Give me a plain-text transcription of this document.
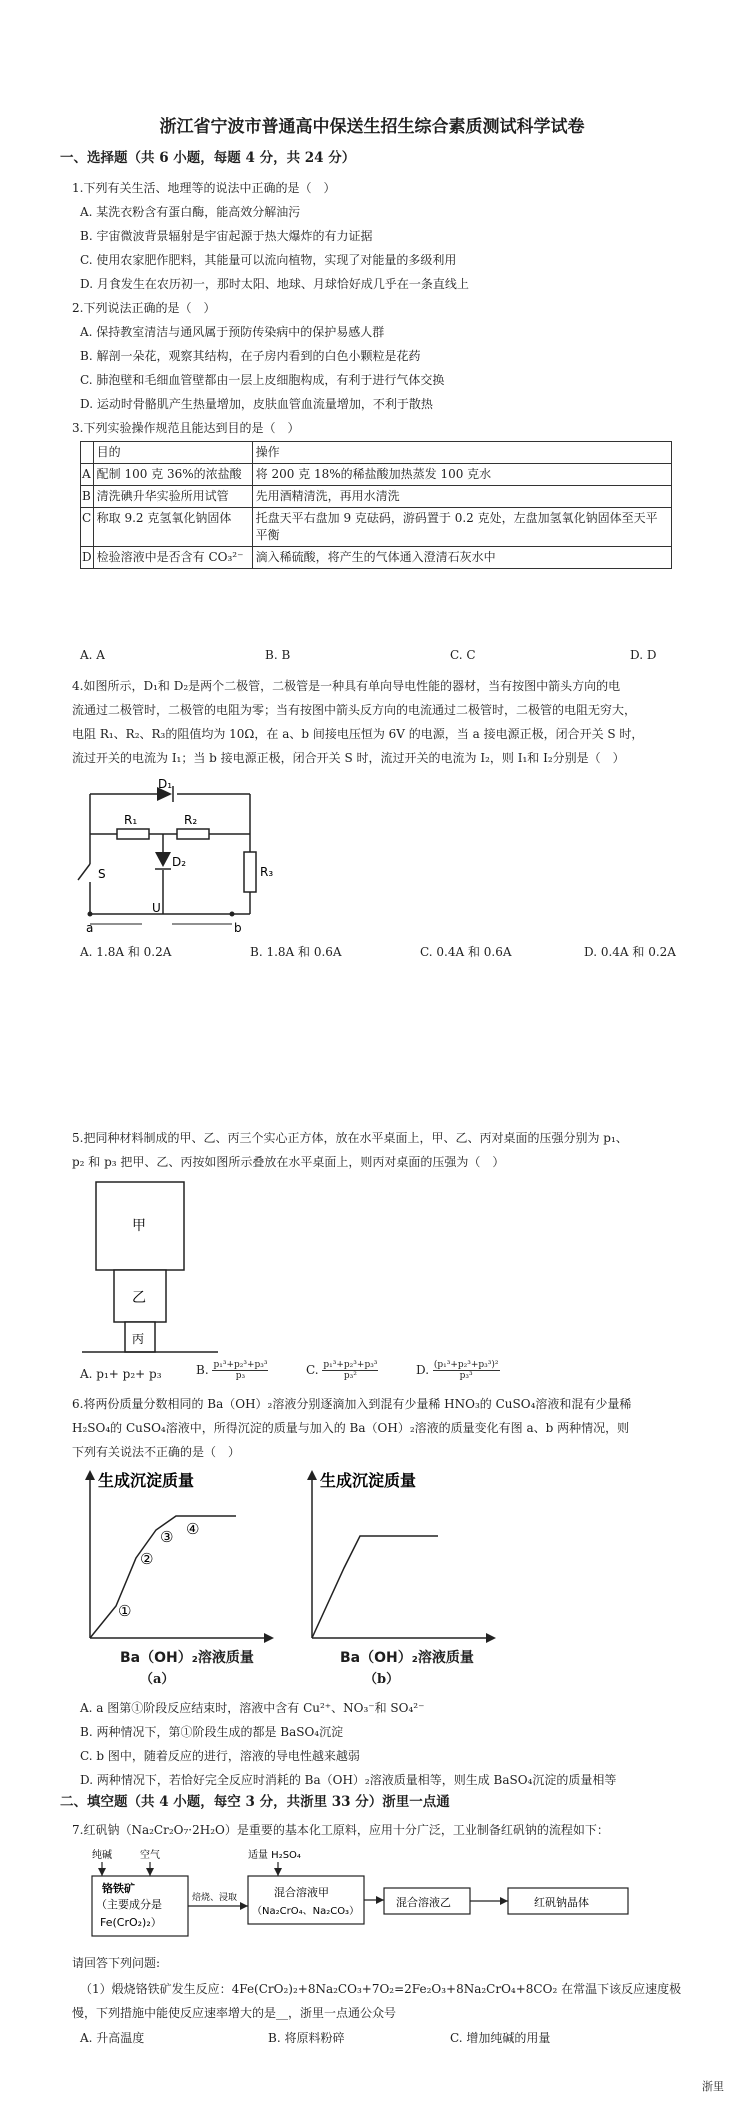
浙江省宁波市普通高中保送生招生综合素质测试科学试卷
一、选择题（共 6 小题，每题 4 分，共 24 分）
1.下列有关生活、地理等的说法中正确的是（　）
A. 某洗衣粉含有蛋白酶，能高效分解油污
B. 宇宙微波背景辐射是宇宙起源于热大爆炸的有力证据
C. 使用农家肥作肥料，其能量可以流向植物，实现了对能量的多级利用
D. 月食发生在农历初一，那时太阳、地球、月球恰好成几乎在一条直线上
2.下列说法正确的是（　）
A. 保持教室清洁与通风属于预防传染病中的保护易感人群
B. 解剖一朵花，观察其结构，在子房内看到的白色小颗粒是花药
C. 肺泡壁和毛细血管壁都由一层上皮细胞构成，有利于进行气体交换
D. 运动时骨骼肌产生热量增加，皮肤血管血流量增加，不利于散热
3.下列实验操作规范且能达到目的是（　）
	目的	操作
A	配制 100 克 36%的浓盐酸	将 200 克 18%的稀盐酸加热蒸发 100 克水
B	清洗碘升华实验所用试管	先用酒精清洗，再用水清洗
C	称取 9.2 克氢氧化钠固体	托盘天平右盘加 9 克砝码，游码置于 0.2 克处，左盘加氢氧化钠固体至天平平衡
D	检验溶液中是否含有 CO₃²⁻	滴入稀硫酸，将产生的气体通入澄清石灰水中
A. A	B. B	C. C	D. D
4.如图所示，D₁和 D₂是两个二极管，二极管是一种具有单向导电性能的器材，当有按图中箭头方向的电
流通过二极管时，二极管的电阻为零；当有按图中箭头反方向的电流通过二极管时，二极管的电阻无穷大，
电阻 R₁、R₂、R₃的阻值均为 10Ω，在 a、b 间接电压恒为 6V 的电源，当 a 接电源正极，闭合开关 S 时，
流过开关的电流为 I₁；当 b 接电源正极，闭合开关 S 时，流过开关的电流为 I₂，则 I₁和 I₂分别是（　）
D₁
R₁	R₂
D₂
R₃
S
U
a	b
A. 1.8A 和 0.2A	B. 1.8A 和 0.6A	C. 0.4A 和 0.6A	D. 0.4A 和 0.2A
5.把同种材料制成的甲、乙、丙三个实心正方体，放在水平桌面上，甲、乙、丙对桌面的压强分别为 p₁、
p₂ 和 p₃ 把甲、乙、丙按如图所示叠放在水平桌面上，则丙对桌面的压强为（　）
甲
乙
丙
A. p₁+ p₂+ p₃	B. $\frac{\text{p₁³+p₂³+p₃³}}{\text{p₃}}$	C. $\frac{\text{p₁³+p₂³+p₃³}}{\text{p₃²}}$	D. $\frac{\text{(p₁³+p₂³+p₃³)²}}{\text{p₃³}}$
6.将两份质量分数相同的 Ba（OH）₂溶液分别逐滴加入到混有少量稀 HNO₃的 CuSO₄溶液和混有少量稀
H₂SO₄的 CuSO₄溶液中，所得沉淀的质量与加入的 Ba（OH）₂溶液的质量变化有图 a、b 两种情况，则
下列有关说法不正确的是（　）
生成沉淀质量
①
②
③ ④
Ba（OH）₂溶液质量
（a）
生成沉淀质量
Ba（OH）₂溶液质量
（b）
A. a 图第①阶段反应结束时，溶液中含有 Cu²⁺、NO₃⁻和 SO₄²⁻
B. 两种情况下，第①阶段生成的都是 BaSO₄沉淀
C. b 图中，随着反应的进行，溶液的导电性越来越弱
D. 两种情况下，若恰好完全反应时消耗的 Ba（OH）₂溶液质量相等，则生成 BaSO₄沉淀的质量相等
二、填空题（共 4 小题，每空 3 分，共浙里 33 分）浙里一点通
7.红矾钠（Na₂Cr₂O₇·2H₂O）是重要的基本化工原料，应用十分广泛，工业制备红矾钠的流程如下：
纯碱	空气	适量 H₂SO₄
铬铁矿
（主要成分是
Fe(CrO₂)₂）
焙烧、浸取	混合溶液甲
（Na₂CrO₄、Na₂CO₃）
混合溶液乙	红矾钠晶体
请回答下列问题:
（1）煅烧铬铁矿发生反应：4Fe(CrO₂)₂+8Na₂CO₃+7O₂=2Fe₂O₃+8Na₂CrO₄+8CO₂ 在常温下该反应速度极
慢，下列措施中能使反应速率增大的是__，浙里一点通公众号
A. 升高温度	B. 将原料粉碎	C. 增加纯碱的用量
浙里
